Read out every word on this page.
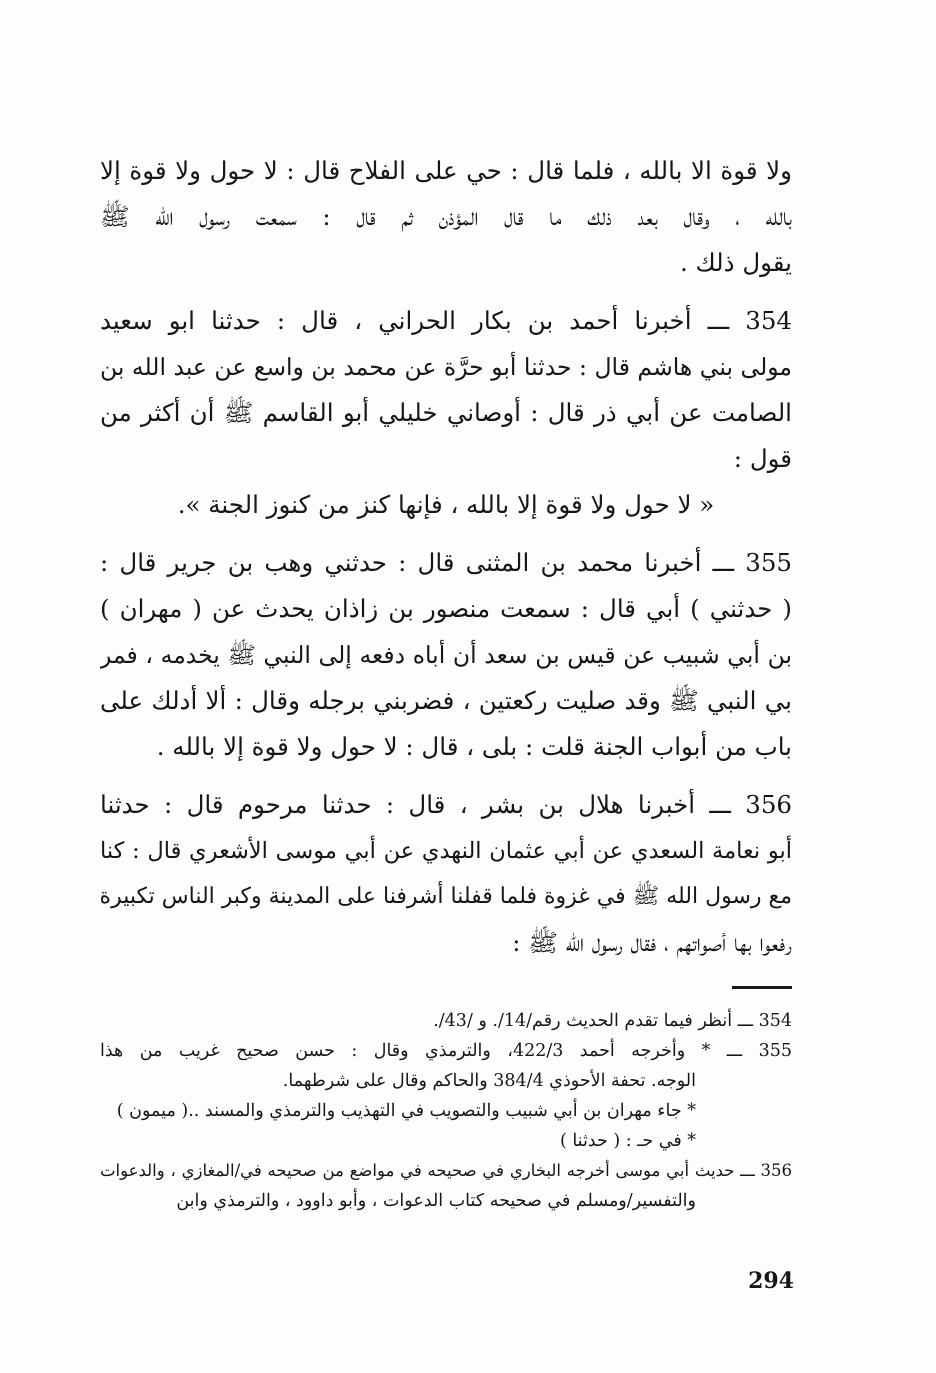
ولا قوة الا بالله ، فلما قال : حي على الفلاح قال : لا حول ولا قوة إلا
بالله ، وقال بعد ذلك ما قال المؤذن ثم قال : سمعت رسول الله ﷺ
يقول ذلك .
354 ـــ أخبرنا أحمد بن بكار الحراني ، قال : حدثنا ابو سعيد
مولى بني هاشم قال : حدثنا أبو حرَّة عن محمد بن واسع عن عبد الله بن
الصامت عن أبي ذر قال : أوصاني خليلي أبو القاسم ﷺ أن أكثر من
قول :
« لا حول ولا قوة إلا بالله ، فإنها كنز من كنوز الجنة ».
355 ـــ أخبرنا محمد بن المثنى قال : حدثني وهب بن جرير قال :
( حدثني ) أبي قال : سمعت منصور بن زاذان يحدث عن ( مهران )
بن أبي شبيب عن قيس بن سعد أن أباه دفعه إلى النبي ﷺ يخدمه ، فمر
بي النبي ﷺ وقد صليت ركعتين ، فضربني برجله وقال : ألا أدلك على
باب من أبواب الجنة قلت : بلى ، قال : لا حول ولا قوة إلا بالله .
356 ـــ أخبرنا هلال بن بشر ، قال : حدثنا مرحوم قال : حدثنا
أبو نعامة السعدي عن أبي عثمان النهدي عن أبي موسى الأشعري قال : كنا
مع رسول الله ﷺ في غزوة فلما قفلنا أشرفنا على المدينة وكبر الناس تكبيرة
رفعوا بها أصواتهم ، فقال رسول الله ﷺ :
354 ـــ أنظر فيما تقدم الحديث رقم/14/. و /43/.
355 ـــ * وأخرجه أحمد 422/3، والترمذي وقال : حسن صحيح غريب من هذا
الوجه. تحفة الأحوذي 384/4 والحاكم وقال على شرطهما.
* جاء مهران بن أبي شبيب والتصويب في التهذيب والترمذي والمسند ..( ميمون )
* في حـ : ( حدثنا )
356 ـــ حديث أبي موسى أخرجه البخاري في صحيحه في مواضع من صحيحه في/المغازي ، والدعوات
والتفسير/ومسلم في صحيحه كتاب الدعوات ، وأبو داوود ، والترمذي وابن
294
